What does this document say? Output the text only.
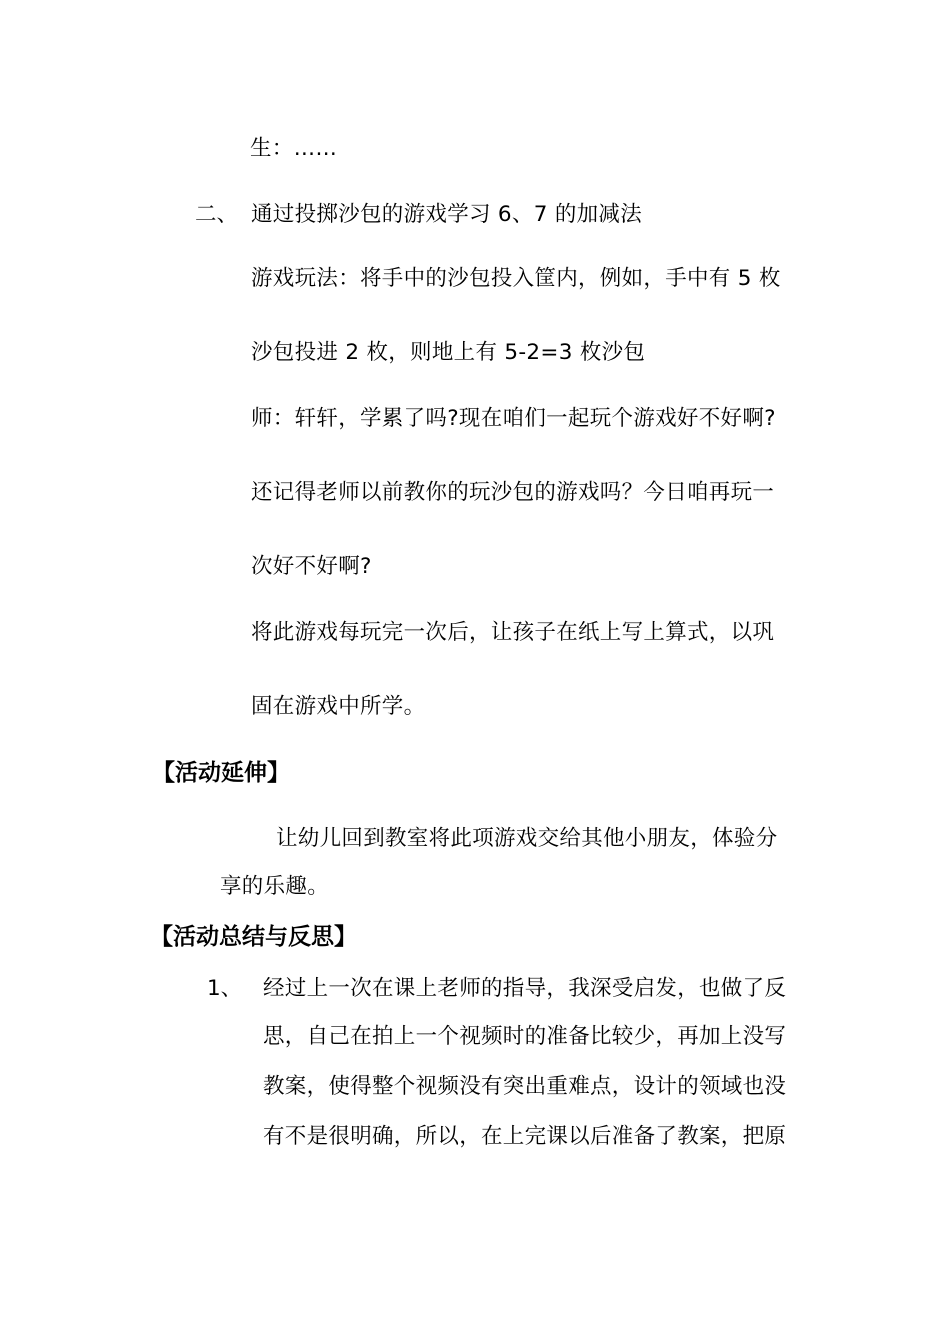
生：……
二、 通过投掷沙包的游戏学习 6、7 的加减法
游戏玩法：将手中的沙包投入筐内，例如，手中有 5 枚
沙包投进 2 枚，则地上有 5-2=3 枚沙包
师：轩轩，学累了吗?现在咱们一起玩个游戏好不好啊?
还记得老师以前教你的玩沙包的游戏吗？今日咱再玩一
次好不好啊?
将此游戏每玩完一次后，让孩子在纸上写上算式，以巩
固在游戏中所学。
【活动延伸】
让幼儿回到教室将此项游戏交给其他小朋友，体验分
享的乐趣。
【活动总结与反思】
1、 经过上一次在课上老师的指导，我深受启发，也做了反
思，自己在拍上一个视频时的准备比较少，再加上没写
教案，使得整个视频没有突出重难点，设计的领域也没
有不是很明确，所以，在上完课以后准备了教案，把原
